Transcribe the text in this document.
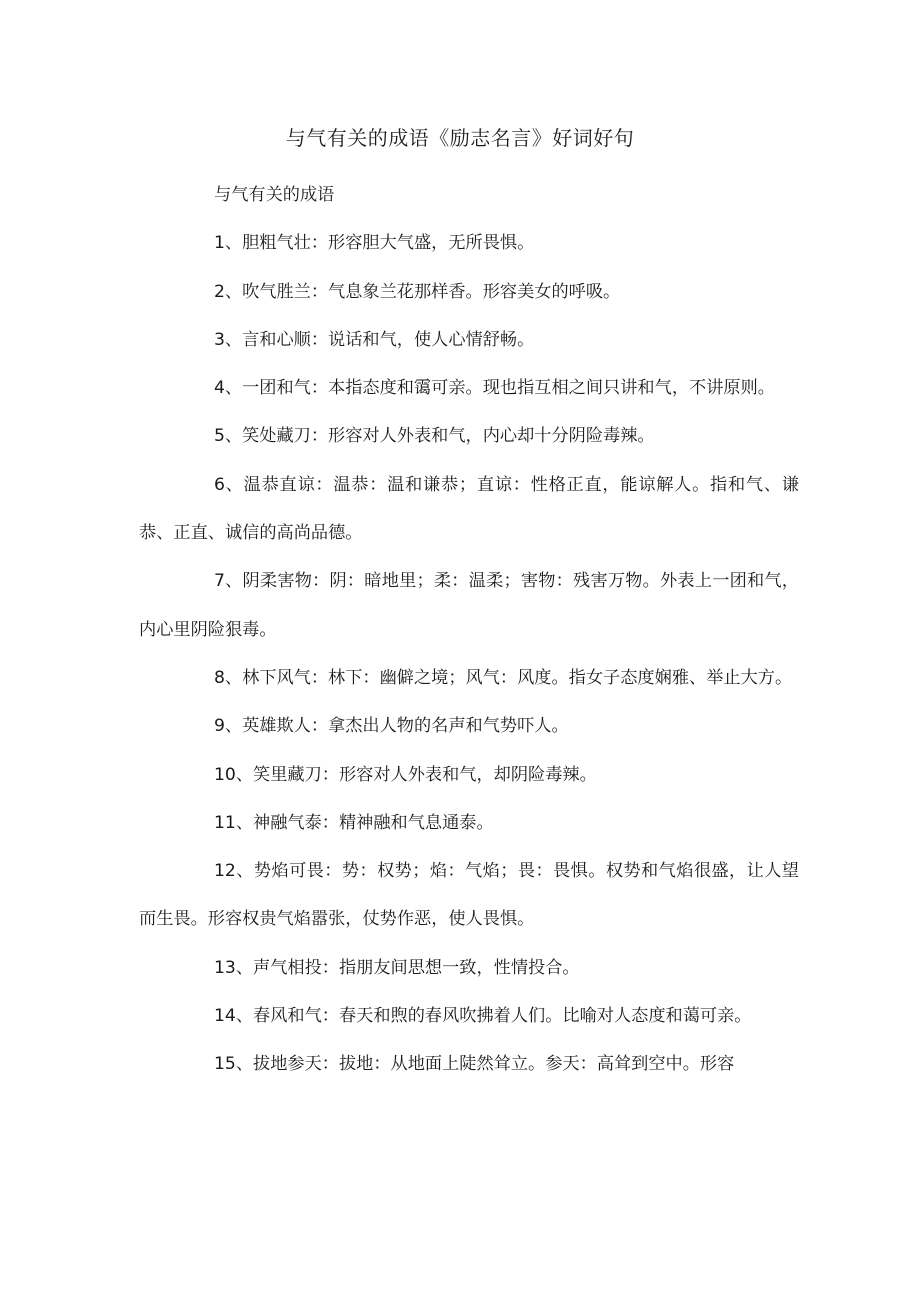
与气有关的成语《励志名言》好词好句

与气有关的成语

1、胆粗气壮：形容胆大气盛，无所畏惧。

2、吹气胜兰：气息象兰花那样香。形容美女的呼吸。

3、言和心顺：说话和气，使人心情舒畅。

4、一团和气：本指态度和霭可亲。现也指互相之间只讲和气，不讲原则。

5、笑处藏刀：形容对人外表和气，内心却十分阴险毒辣。

6、温恭直谅：温恭：温和谦恭；直谅：性格正直，能谅解人。指和气、谦恭、正直、诚信的高尚品德。

7、阴柔害物：阴：暗地里；柔：温柔；害物：残害万物。外表上一团和气，内心里阴险狠毒。

8、林下风气：林下：幽僻之境；风气：风度。指女子态度娴雅、举止大方。

9、英雄欺人：拿杰出人物的名声和气势吓人。

10、笑里藏刀：形容对人外表和气，却阴险毒辣。

11、神融气泰：精神融和气息通泰。

12、势焰可畏：势：权势；焰：气焰；畏：畏惧。权势和气焰很盛，让人望而生畏。形容权贵气焰嚣张，仗势作恶，使人畏惧。

13、声气相投：指朋友间思想一致，性情投合。

14、春风和气：春天和煦的春风吹拂着人们。比喻对人态度和蔼可亲。

15、拔地参天：拔地：从地面上陡然耸立。参天：高耸到空中。形容
